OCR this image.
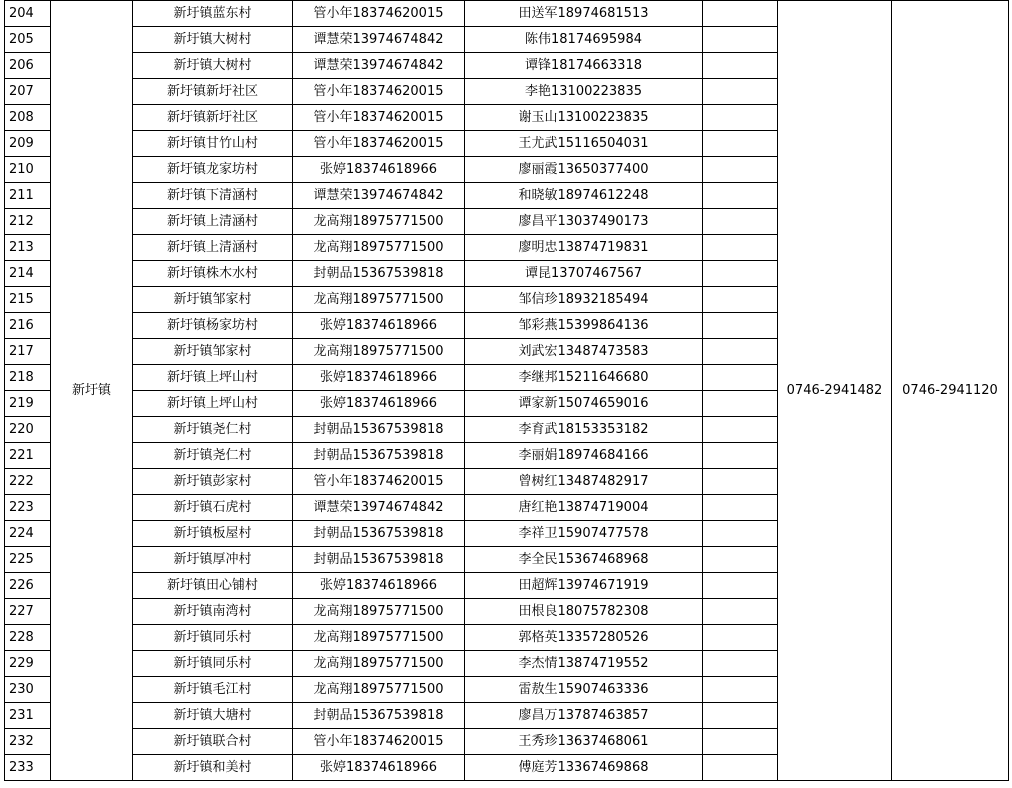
204	新圩镇	新圩镇蓝东村	管小年18374620015	田送军18974681513		0746-2941482	0746-2941120
205		新圩镇大树村	谭慧荣13974674842	陈伟18174695984			
206		新圩镇大树村	谭慧荣13974674842	谭锋18174663318			
207		新圩镇新圩社区	管小年18374620015	李艳13100223835			
208		新圩镇新圩社区	管小年18374620015	谢玉山13100223835			
209		新圩镇甘竹山村	管小年18374620015	王尤武15116504031			
210		新圩镇龙家坊村	张婷18374618966	廖丽霞13650377400			
211		新圩镇下清涵村	谭慧荣13974674842	和晓敏18974612248			
212		新圩镇上清涵村	龙高翔18975771500	廖昌平13037490173			
213		新圩镇上清涵村	龙高翔18975771500	廖明忠13874719831			
214		新圩镇株木水村	封朝品15367539818	谭昆13707467567			
215		新圩镇邹家村	龙高翔18975771500	邹信珍18932185494			
216		新圩镇杨家坊村	张婷18374618966	邹彩燕15399864136			
217		新圩镇邹家村	龙高翔18975771500	刘武宏13487473583			
218		新圩镇上坪山村	张婷18374618966	李继邦15211646680			
219		新圩镇上坪山村	张婷18374618966	谭家新15074659016			
220		新圩镇尧仁村	封朝品15367539818	李育武18153353182			
221		新圩镇尧仁村	封朝品15367539818	李丽娟18974684166			
222		新圩镇彭家村	管小年18374620015	曾树红13487482917			
223		新圩镇石虎村	谭慧荣13974674842	唐红艳13874719004			
224		新圩镇板屋村	封朝品15367539818	李祥卫15907477578			
225		新圩镇厚冲村	封朝品15367539818	李全民15367468968			
226		新圩镇田心铺村	张婷18374618966	田超辉13974671919			
227		新圩镇南湾村	龙高翔18975771500	田根良18075782308			
228		新圩镇同乐村	龙高翔18975771500	郭格英13357280526			
229		新圩镇同乐村	龙高翔18975771500	李杰情13874719552			
230		新圩镇毛江村	龙高翔18975771500	雷敖生15907463336			
231		新圩镇大塘村	封朝品15367539818	廖昌万13787463857			
232		新圩镇联合村	管小年18374620015	王秀珍13637468061			
233		新圩镇和美村	张婷18374618966	傅庭芳13367469868			
